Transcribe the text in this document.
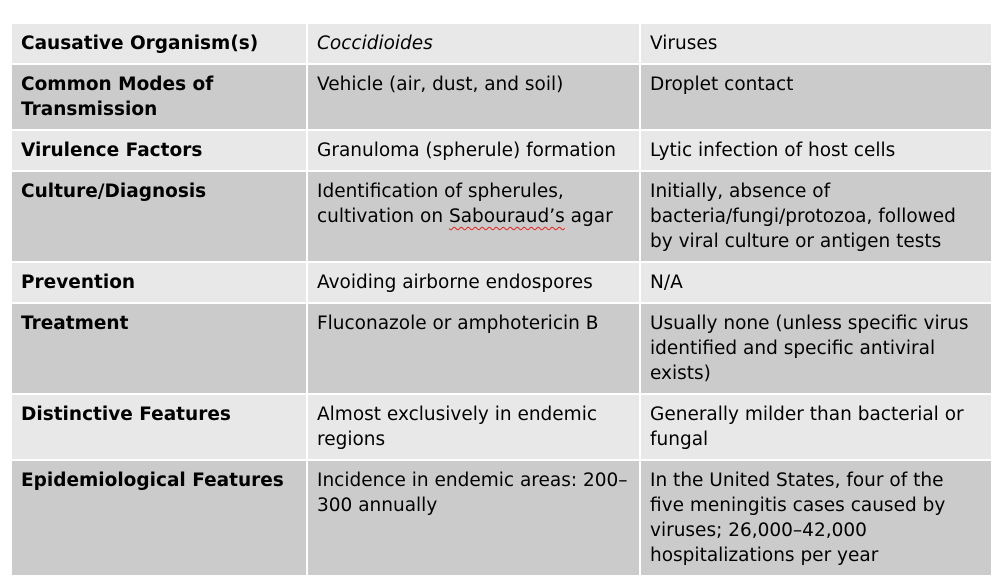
Causative Organism(s)	Coccidioides	Viruses
Common Modes of Transmission	Vehicle (air, dust, and soil)	Droplet contact
Virulence Factors	Granuloma (spherule) formation	Lytic infection of host cells
Culture/Diagnosis	Identification of spherules, cultivation on Sabouraud’s agar	Initially, absence of bacteria/fungi/protozoa, followed by viral culture or antigen tests
Prevention	Avoiding airborne endospores	N/A
Treatment	Fluconazole or amphotericin B	Usually none (unless specific virus identified and specific antiviral exists)
Distinctive Features	Almost exclusively in endemic regions	Generally milder than bacterial or fungal
Epidemiological Features	Incidence in endemic areas: 200–300 annually	In the United States, four of the five meningitis cases caused by viruses; 26,000–42,000 hospitalizations per year
